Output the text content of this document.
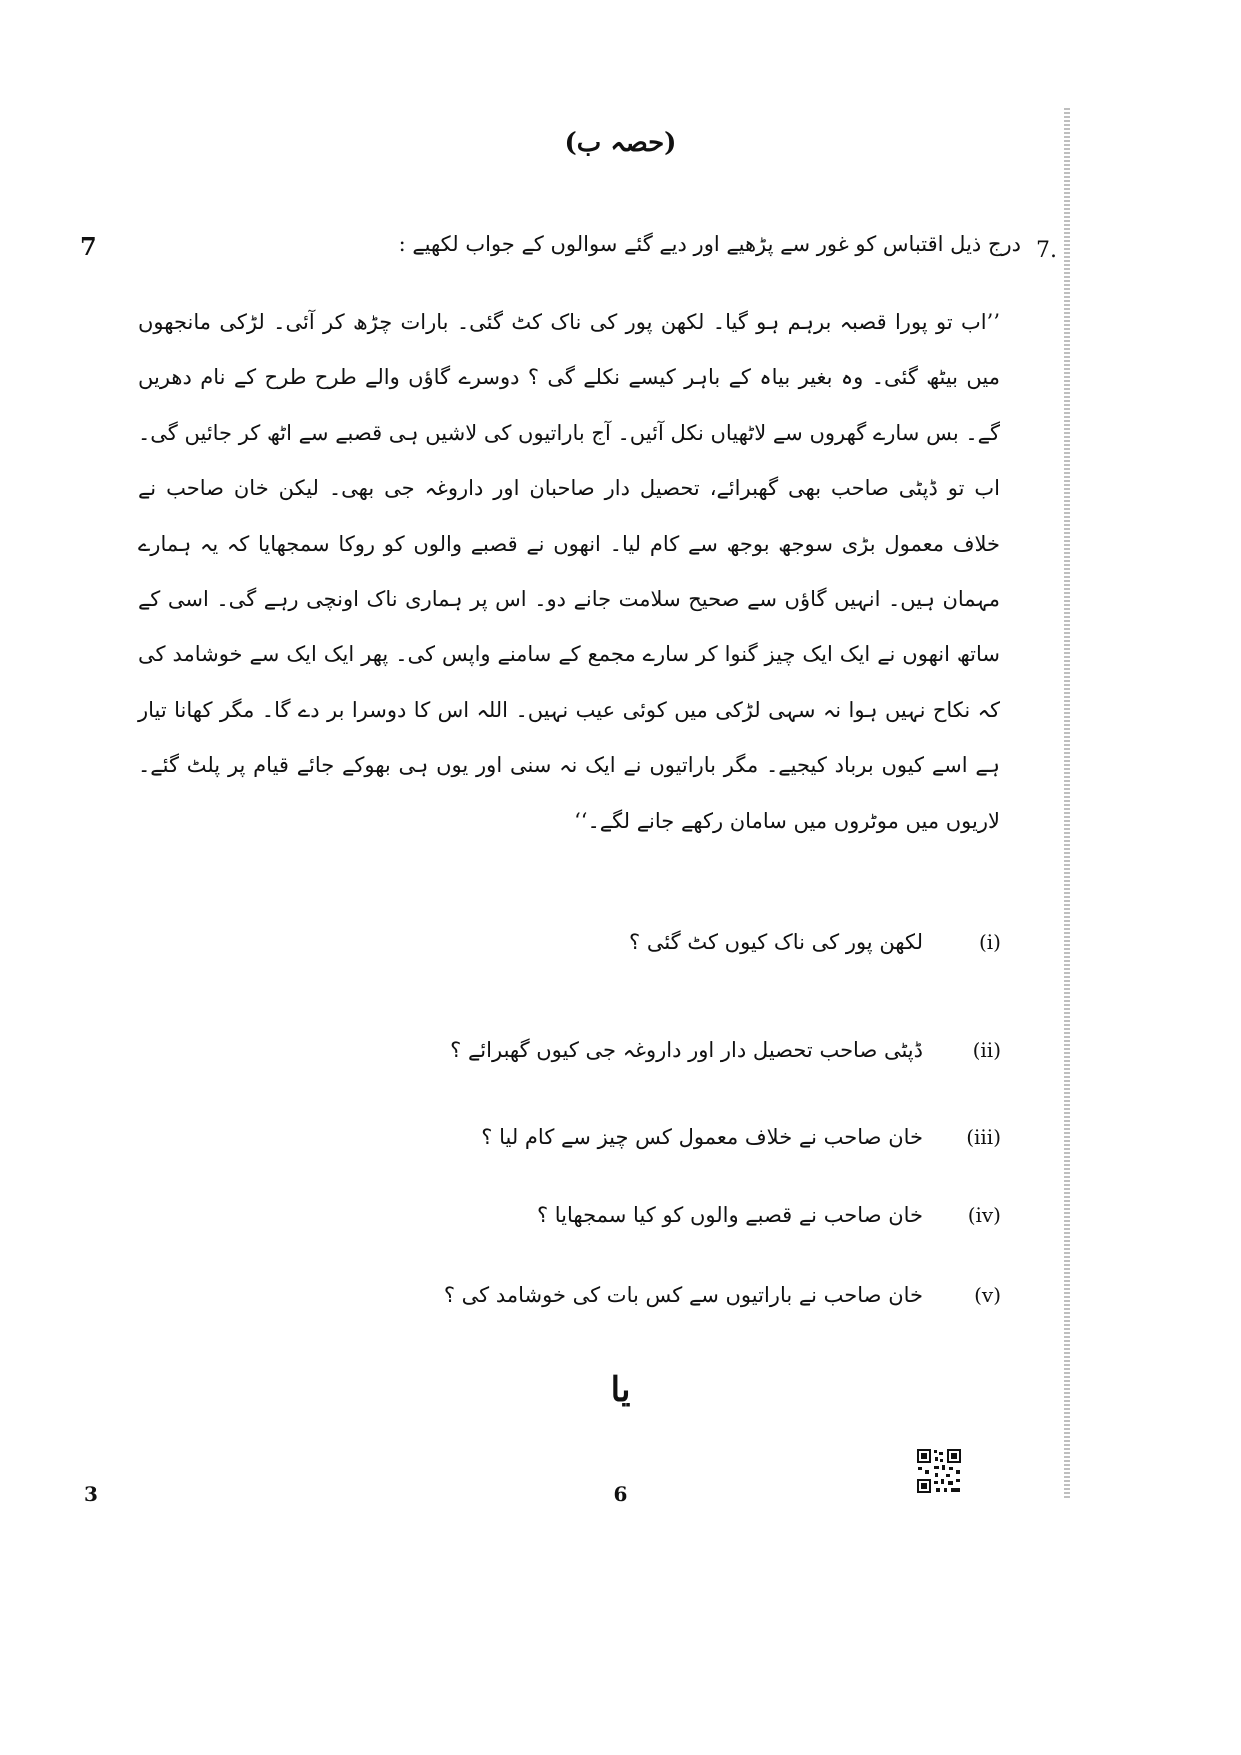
(حصہ ب)
7	7.
درج ذیل اقتباس کو غور سے پڑھیے اور دیے گئے سوالوں کے جواب لکھیے :

’’اب تو پورا قصبہ برہم ہو گیا۔ لکھن پور کی ناک کٹ گئی۔ بارات چڑھ کر آئی۔ لڑکی مانجھوں میں بیٹھ گئی۔ وہ بغیر بیاہ کے باہر کیسے نکلے گی ؟ دوسرے گاؤں والے طرح طرح کے نام دھریں گے۔ بس سارے گھروں سے لاٹھیاں نکل آئیں۔ آج باراتیوں کی لاشیں ہی قصبے سے اٹھ کر جائیں گی۔ اب تو ڈپٹی صاحب بھی گھبرائے، تحصیل دار صاحبان اور داروغہ جی بھی۔ لیکن خان صاحب نے خلاف معمول بڑی سوجھ بوجھ سے کام لیا۔ انھوں نے قصبے والوں کو روکا سمجھایا کہ یہ ہمارے مہمان ہیں۔ انہیں گاؤں سے صحیح سلامت جانے دو۔ اس پر ہماری ناک اونچی رہے گی۔ اسی کے ساتھ انھوں نے ایک ایک چیز گنوا کر سارے مجمع کے سامنے واپس کی۔ پھر ایک ایک سے خوشامد کی کہ نکاح نہیں ہوا نہ سہی لڑکی میں کوئی عیب نہیں۔ اللہ اس کا دوسرا بر دے گا۔ مگر کھانا تیار ہے اسے کیوں برباد کیجیے۔ مگر باراتیوں نے ایک نہ سنی اور یوں ہی بھوکے جائے قیام پر پلٹ گئے۔ لاریوں میں موٹروں میں سامان رکھے جانے لگے۔‘‘

(i)
لکھن پور کی ناک کیوں کٹ گئی ؟
(ii)
ڈپٹی صاحب تحصیل دار اور داروغہ جی کیوں گھبرائے ؟
(iii)
خان صاحب نے خلاف معمول کس چیز سے کام لیا ؟
(iv)
خان صاحب نے قصبے والوں کو کیا سمجھایا ؟
(v)
خان صاحب نے باراتیوں سے کس بات کی خوشامد کی ؟
یا
3	6
